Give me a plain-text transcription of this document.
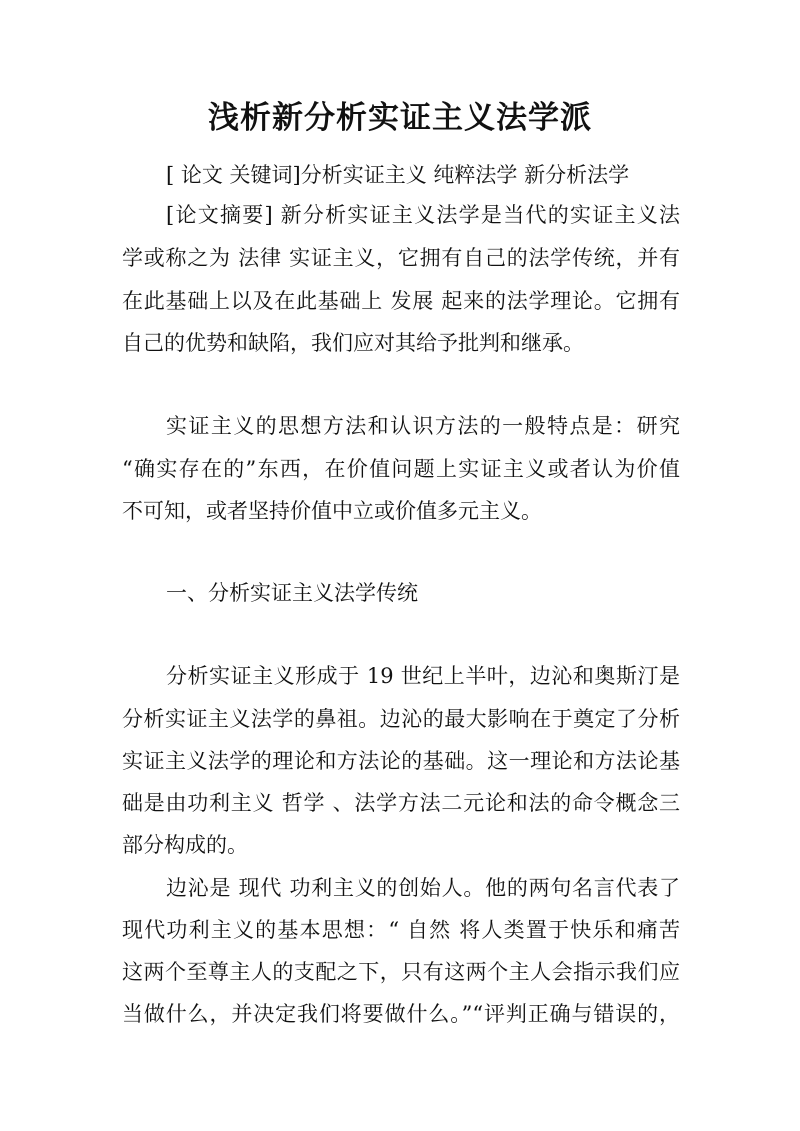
浅析新分析实证主义法学派

[ 论文 关键词]分析实证主义 纯粹法学 新分析法学

[论文摘要] 新分析实证主义法学是当代的实证主义法

学或称之为 法律 实证主义，它拥有自己的法学传统，并有

在此基础上以及在此基础上 发展 起来的法学理论。它拥有

自己的优势和缺陷，我们应对其给予批判和继承。

实证主义的思想方法和认识方法的一般特点是：研究

“确实存在的”东西，在价值问题上实证主义或者认为价值

不可知，或者坚持价值中立或价值多元主义。

一、分析实证主义法学传统

分析实证主义形成于 19 世纪上半叶，边沁和奥斯汀是

分析实证主义法学的鼻祖。边沁的最大影响在于奠定了分析

实证主义法学的理论和方法论的基础。这一理论和方法论基

础是由功利主义 哲学 、法学方法二元论和法的命令概念三

部分构成的。

边沁是 现代 功利主义的创始人。他的两句名言代表了

现代功利主义的基本思想：“ 自然 将人类置于快乐和痛苦

这两个至尊主人的支配之下，只有这两个主人会指示我们应

当做什么，并决定我们将要做什么。”“评判正确与错误的，
